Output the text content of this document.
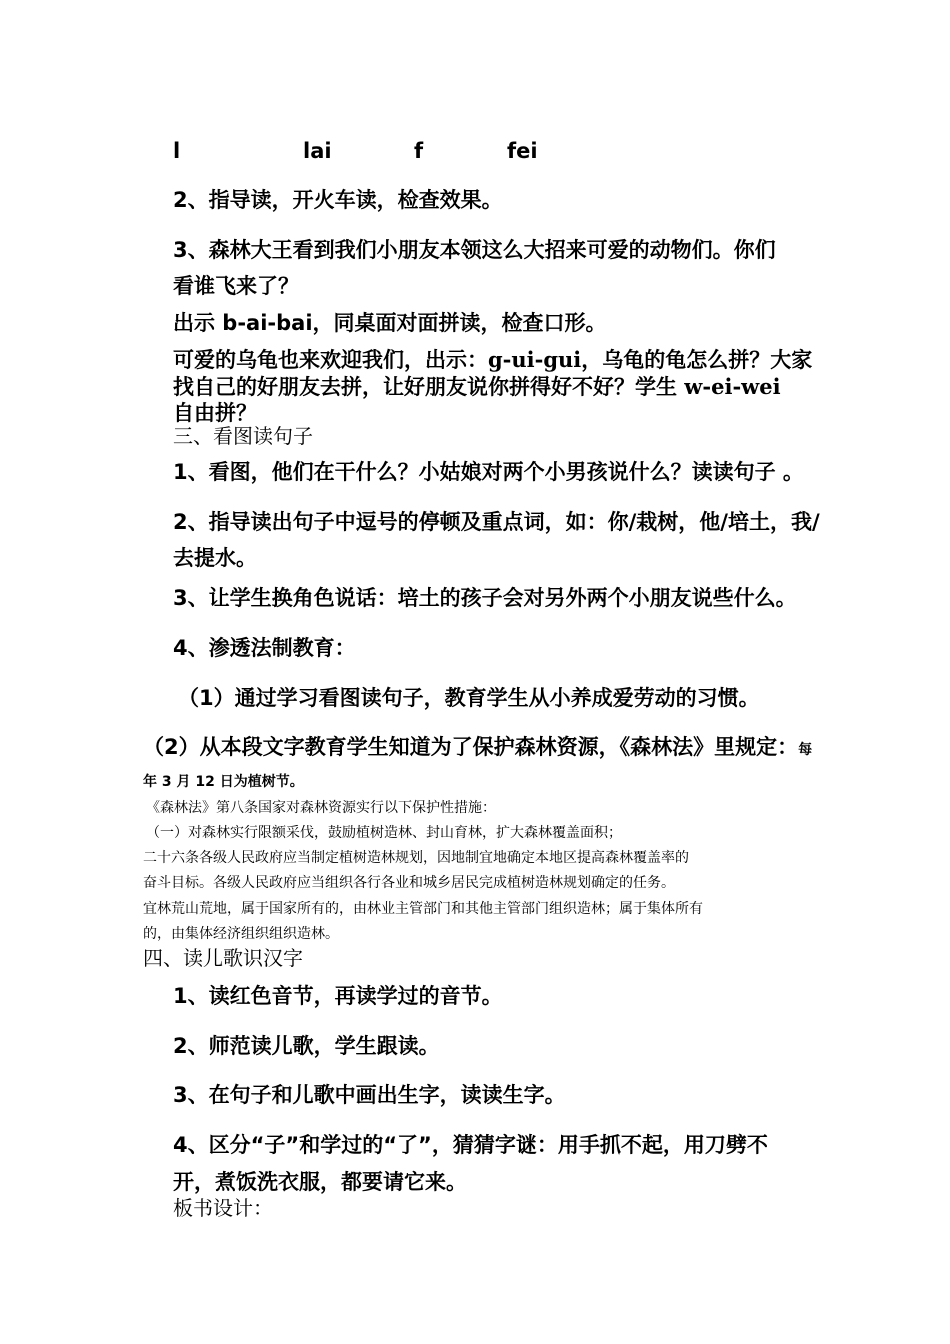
l	lai	f	fei
2、指导读，开火车读，检查效果。
3、森林大王看到我们小朋友本领这么大招来可爱的动物们。你们
看谁飞来了？
出示 b-ai-bai，同桌面对面拼读，检查口形。
可爱的乌龟也来欢迎我们，出示：g-ui-gui，乌龟的龟怎么拼？大家
找自己的好朋友去拼，让好朋友说你拼得好不好？学生 w-ei-wei
自由拼？
三、看图读句子
1、看图，他们在干什么？小姑娘对两个小男孩说什么？读读句子 。
2、指导读出句子中逗号的停顿及重点词，如：你/栽树，他/培土，我/
去提水。
3、让学生换角色说话：培土的孩子会对另外两个小朋友说些什么。
4、渗透法制教育：
（1）通过学习看图读句子，教育学生从小养成爱劳动的习惯。
（2）从本段文字教育学生知道为了保护森林资源，《森林法》里规定：每
年 3 月 12 日为植树节。
《森林法》第八条国家对森林资源实行以下保护性措施：
（一）对森林实行限额采伐，鼓励植树造林、封山育林，扩大森林覆盖面积；
二十六条各级人民政府应当制定植树造林规划，因地制宜地确定本地区提高森林覆盖率的
奋斗目标。各级人民政府应当组织各行各业和城乡居民完成植树造林规划确定的任务。
宜林荒山荒地，属于国家所有的，由林业主管部门和其他主管部门组织造林；属于集体所有
的，由集体经济组织组织造林。
四、读儿歌识汉字
1、读红色音节，再读学过的音节。
2、师范读儿歌，学生跟读。
3、在句子和儿歌中画出生字，读读生字。
4、区分“子”和学过的“了”，猜猜字谜：用手抓不起，用刀劈不
开，煮饭洗衣服，都要请它来。
板书设计：
